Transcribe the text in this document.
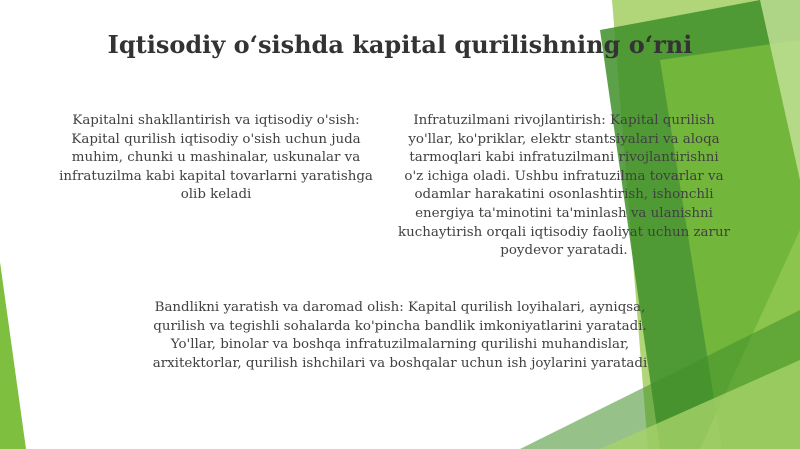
Iqtisodiy o‘sishda kapital qurilishning o‘rni

Kapitalni shakllantirish va iqtisodiy o'sish: Kapital qurilish iqtisodiy o'sish uchun juda muhim, chunki u mashinalar, uskunalar va infratuzilma kabi kapital tovarlarni yaratishga olib keladi

Infratuzilmani rivojlantirish: Kapital qurilish yo'llar, ko'priklar, elektr stantsiyalari va aloqa tarmoqlari kabi infratuzilmani rivojlantirishni o'z ichiga oladi. Ushbu infratuzilma tovarlar va odamlar harakatini osonlashtirish, ishonchli energiya ta'minotini ta'minlash va ulanishni kuchaytirish orqali iqtisodiy faoliyat uchun zarur poydevor yaratadi.

Bandlikni yaratish va daromad olish: Kapital qurilish loyihalari, ayniqsa, qurilish va tegishli sohalarda ko'pincha bandlik imkoniyatlarini yaratadi. Yo'llar, binolar va boshqa infratuzilmalarning qurilishi muhandislar, arxitektorlar, qurilish ishchilari va boshqalar uchun ish joylarini yaratadi
